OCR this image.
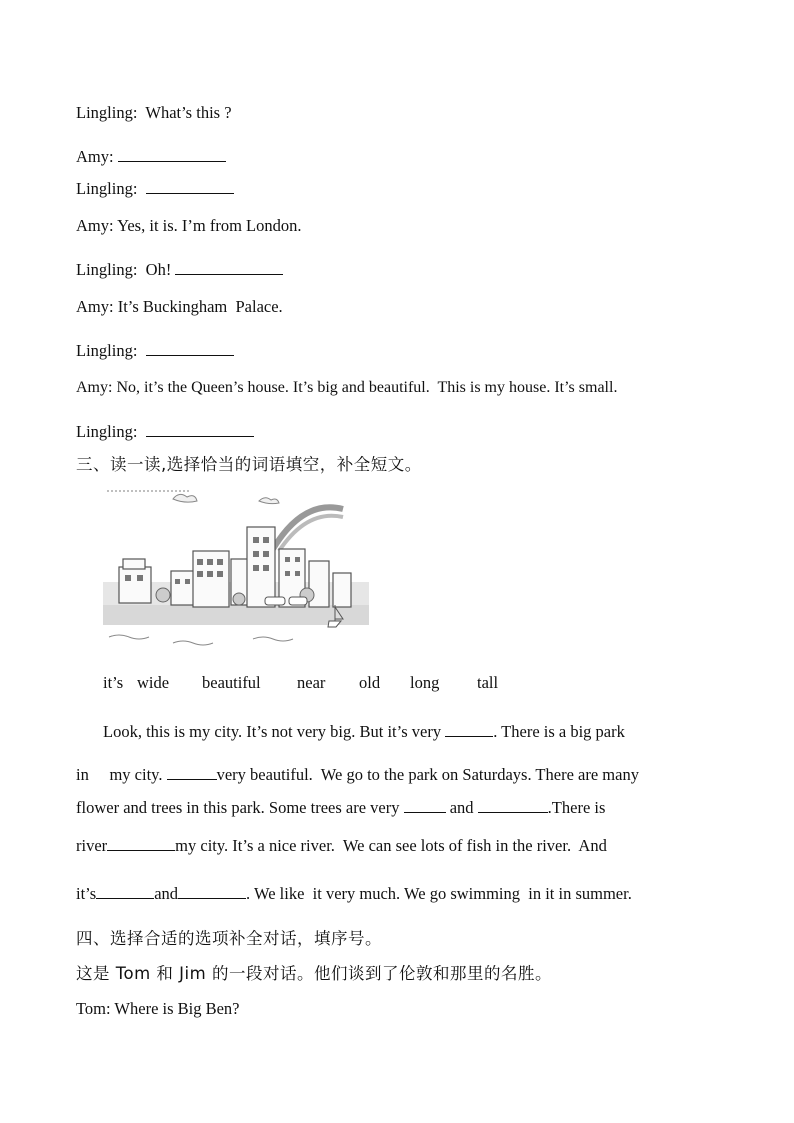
Lingling:  What’s this ?

Amy:

Lingling:

Amy: Yes, it is. I’m from London.

Lingling:  Oh!

Amy: It’s Buckingham  Palace.

Lingling:

Amy: No, it’s the Queen’s house. It’s big and beautiful.  This is my house. It’s small.

Lingling:

三、读一读,选择恰当的词语填空，补全短文。

it’s wide beautiful near old long tall

Look, this is my city. It’s not very big. But it’s very	. There is a big park

in     my city.	very beautiful.  We go to the park on Saturdays. There are many

flower and trees in this park. Some trees are very	and	.There is

river	my city. It’s a nice river.  We can see lots of fish in the river.  And

it’s	and	. We like  it very much. We go swimming  in it in summer.

四、选择合适的选项补全对话，填序号。

这是 Tom 和 Jim 的一段对话。他们谈到了伦敦和那里的名胜。

Tom: Where is Big Ben?
